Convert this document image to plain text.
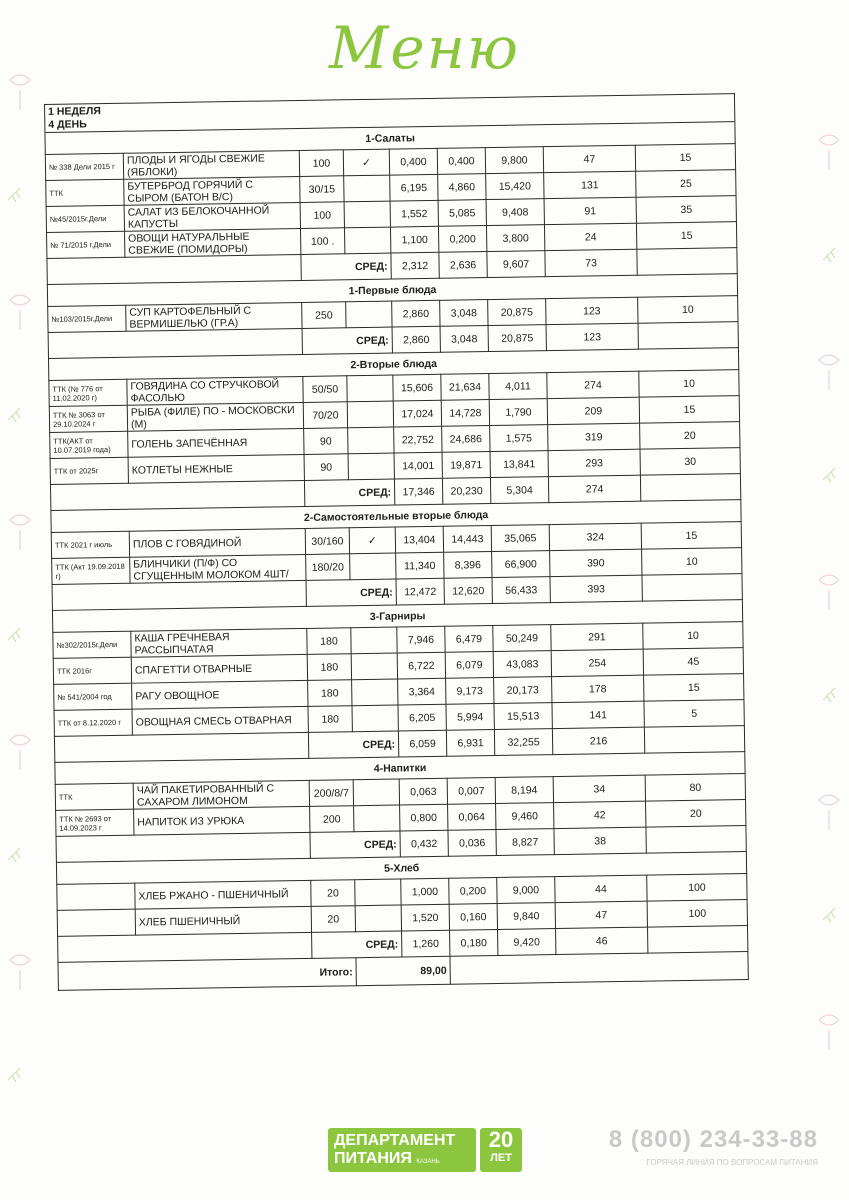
Меню
1 НЕДЕЛЯ								
4 ДЕНЬ								
1-Салаты								
№ 338 Дели 2015 г	ПЛОДЫ И ЯГОДЫ СВЕЖИЕ (ЯБЛОКИ)	100	✓	0,400	0,400	9,800	47	15
ТТК	БУТЕРБРОД ГОРЯЧИЙ С СЫРОМ (БАТОН В/С)	30/15		6,195	4,860	15,420	131	25
№45/2015г.Дели	САЛАТ ИЗ БЕЛОКОЧАННОЙ КАПУСТЫ	100		1,552	5,085	9,408	91	35
№ 71/2015 г.Дели	ОВОЩИ НАТУРАЛЬНЫЕ СВЕЖИЕ (ПОМИДОРЫ)	100 .		1,100	0,200	3,800	24	15
		СРЕД:		2,312	2,636	9,607	73	
1-Первые блюда								
№103/2015г.Дели	СУП КАРТОФЕЛЬНЫЙ С ВЕРМИШЕЛЬЮ (ГР.А)	250		2,860	3,048	20,875	123	10
		СРЕД:		2,860	3,048	20,875	123	
2-Вторые блюда								
ТТК (№ 776 от 11.02.2020 г)	ГОВЯДИНА СО СТРУЧКОВОЙ ФАСОЛЬЮ	50/50		15,606	21,634	4,011	274	10
ТТК № 3063 от 29.10.2024 г	РЫБА (ФИЛЕ) ПО - МОСКОВСКИ (М)	70/20		17,024	14,728	1,790	209	15
ТТК(АКТ от 10.07.2019 года)	ГОЛЕНЬ ЗАПЕЧЁННАЯ	90		22,752	24,686	1,575	319	20
ТТК от 2025г	КОТЛЕТЫ НЕЖНЫЕ	90		14,001	19,871	13,841	293	30
		СРЕД:		17,346	20,230	5,304	274	
2-Самостоятельные вторые блюда								
ТТК 2021 г июль	ПЛОВ С ГОВЯДИНОЙ	30/160	✓	13,404	14,443	35,065	324	15
ТТК (Акт 19.09.2018 г)	БЛИНЧИКИ (П/Ф) СО СГУЩЕННЫМ МОЛОКОМ 4ШТ/	180/20		11,340	8,396	66,900	390	10
		СРЕД:		12,472	12,620	56,433	393	
3-Гарниры								
№302/2015г.Дели	КАША ГРЕЧНЕВАЯ РАССЫПЧАТАЯ	180		7,946	6,479	50,249	291	10
ТТК 2016г	СПАГЕТТИ ОТВАРНЫЕ	180		6,722	6,079	43,083	254	45
№ 541/2004 год	РАГУ ОВОЩНОЕ	180		3,364	9,173	20,173	178	15
ТТК от 8.12.2020 г	ОВОЩНАЯ СМЕСЬ ОТВАРНАЯ	180		6,205	5,994	15,513	141	5
		СРЕД:		6,059	6,931	32,255	216	
4-Напитки								
ТТК	ЧАЙ ПАКЕТИРОВАННЫЙ С САХАРОМ ЛИМОНОМ	200/8/7		0,063	0,007	8,194	34	80
ТТК № 2693 от 14.09.2023 г	НАПИТОК ИЗ УРЮКА	200		0,800	0,064	9,460	42	20
		СРЕД:		0,432	0,036	8,827	38	
5-Хлеб								
	ХЛЕБ РЖАНО - ПШЕНИЧНЫЙ	20		1,000	0,200	9,000	44	100
	ХЛЕБ ПШЕНИЧНЫЙ	20		1,520	0,160	9,840	47	100
		СРЕД:		1,260	0,180	9,420	46	
Итого:			89,00					
ДЕПАРТАМЕНТ
ПИТАНИЯ КАЗАНЬ
20
ЛЕТ
8 (800) 234-33-88
ГОРЯЧАЯ ЛИНИЯ ПО ВОПРОСАМ ПИТАНИЯ
